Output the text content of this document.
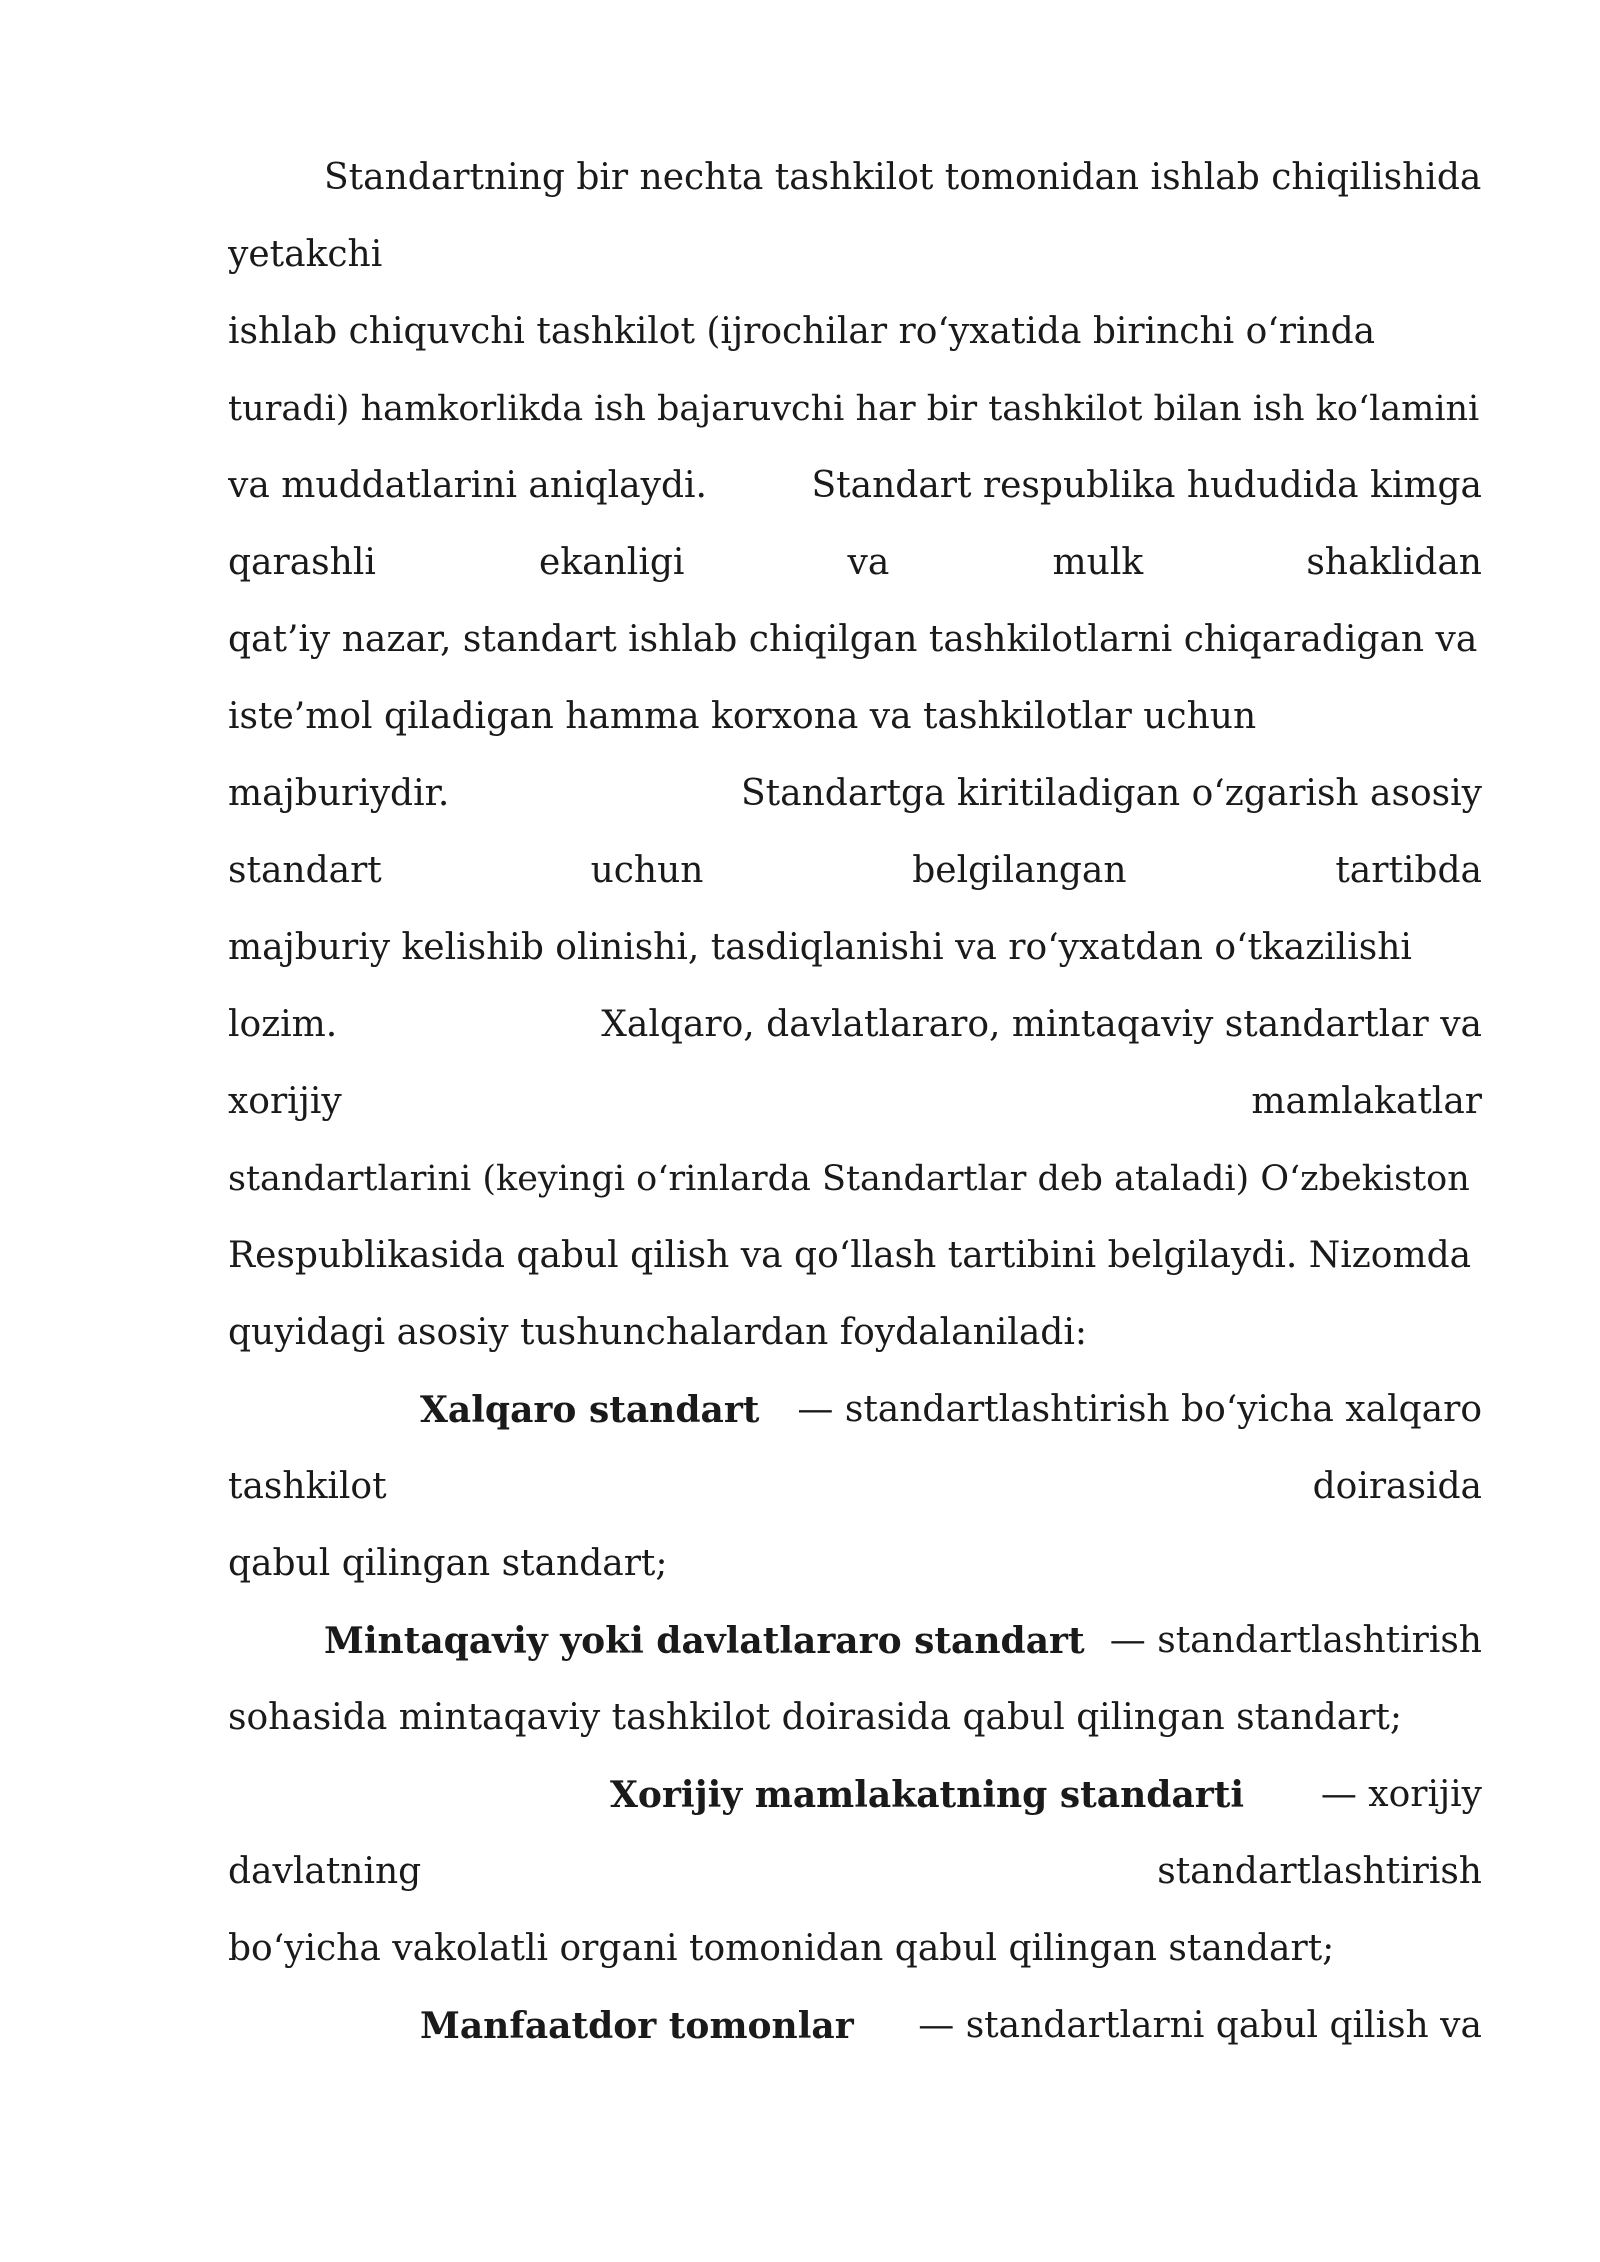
Standartning bir nechta tashkilot tomonidan ishlab chiqilishida
yetakchi
ishlab chiquvchi tashkilot (ijrochilar ro‘yxatida birinchi o‘rinda
turadi) hamkorlikda ish bajaruvchi har bir tashkilot bilan ish ko‘lamini
va muddatlarini aniqlaydi.	Standart respublika hududida kimga
qarashli	ekanligi	va	mulk	shaklidan
qat’iy nazar, standart ishlab chiqilgan tashkilotlarni chiqaradigan va
iste’mol qiladigan hamma korxona va tashkilotlar uchun
majburiydir.	Standartga kiritiladigan o‘zgarish asosiy
standart	uchun	belgilangan	tartibda
majburiy kelishib olinishi, tasdiqlanishi va ro‘yxatdan o‘tkazilishi
lozim.	Xalqaro, davlatlararo, mintaqaviy standartlar va
xorijiy	mamlakatlar
standartlarini (keyingi o‘rinlarda Standartlar deb ataladi) O‘zbekiston
Respublikasida qabul qilish va qo‘llash tartibini belgilaydi. Nizomda
quyidagi asosiy tushunchalardan foydalaniladi:
Xalqaro standart — standartlashtirish bo‘yicha xalqaro
tashkilot	doirasida
qabul qilingan standart;
Mintaqaviy yoki davlatlararo standart — standartlashtirish
sohasida mintaqaviy tashkilot doirasida qabul qilingan standart;
Xorijiy mamlakatning standarti — xorijiy
davlatning	standartlashtirish
bo‘yicha vakolatli organi tomonidan qabul qilingan standart;
Manfaatdor tomonlar — standartlarni qabul qilish va
